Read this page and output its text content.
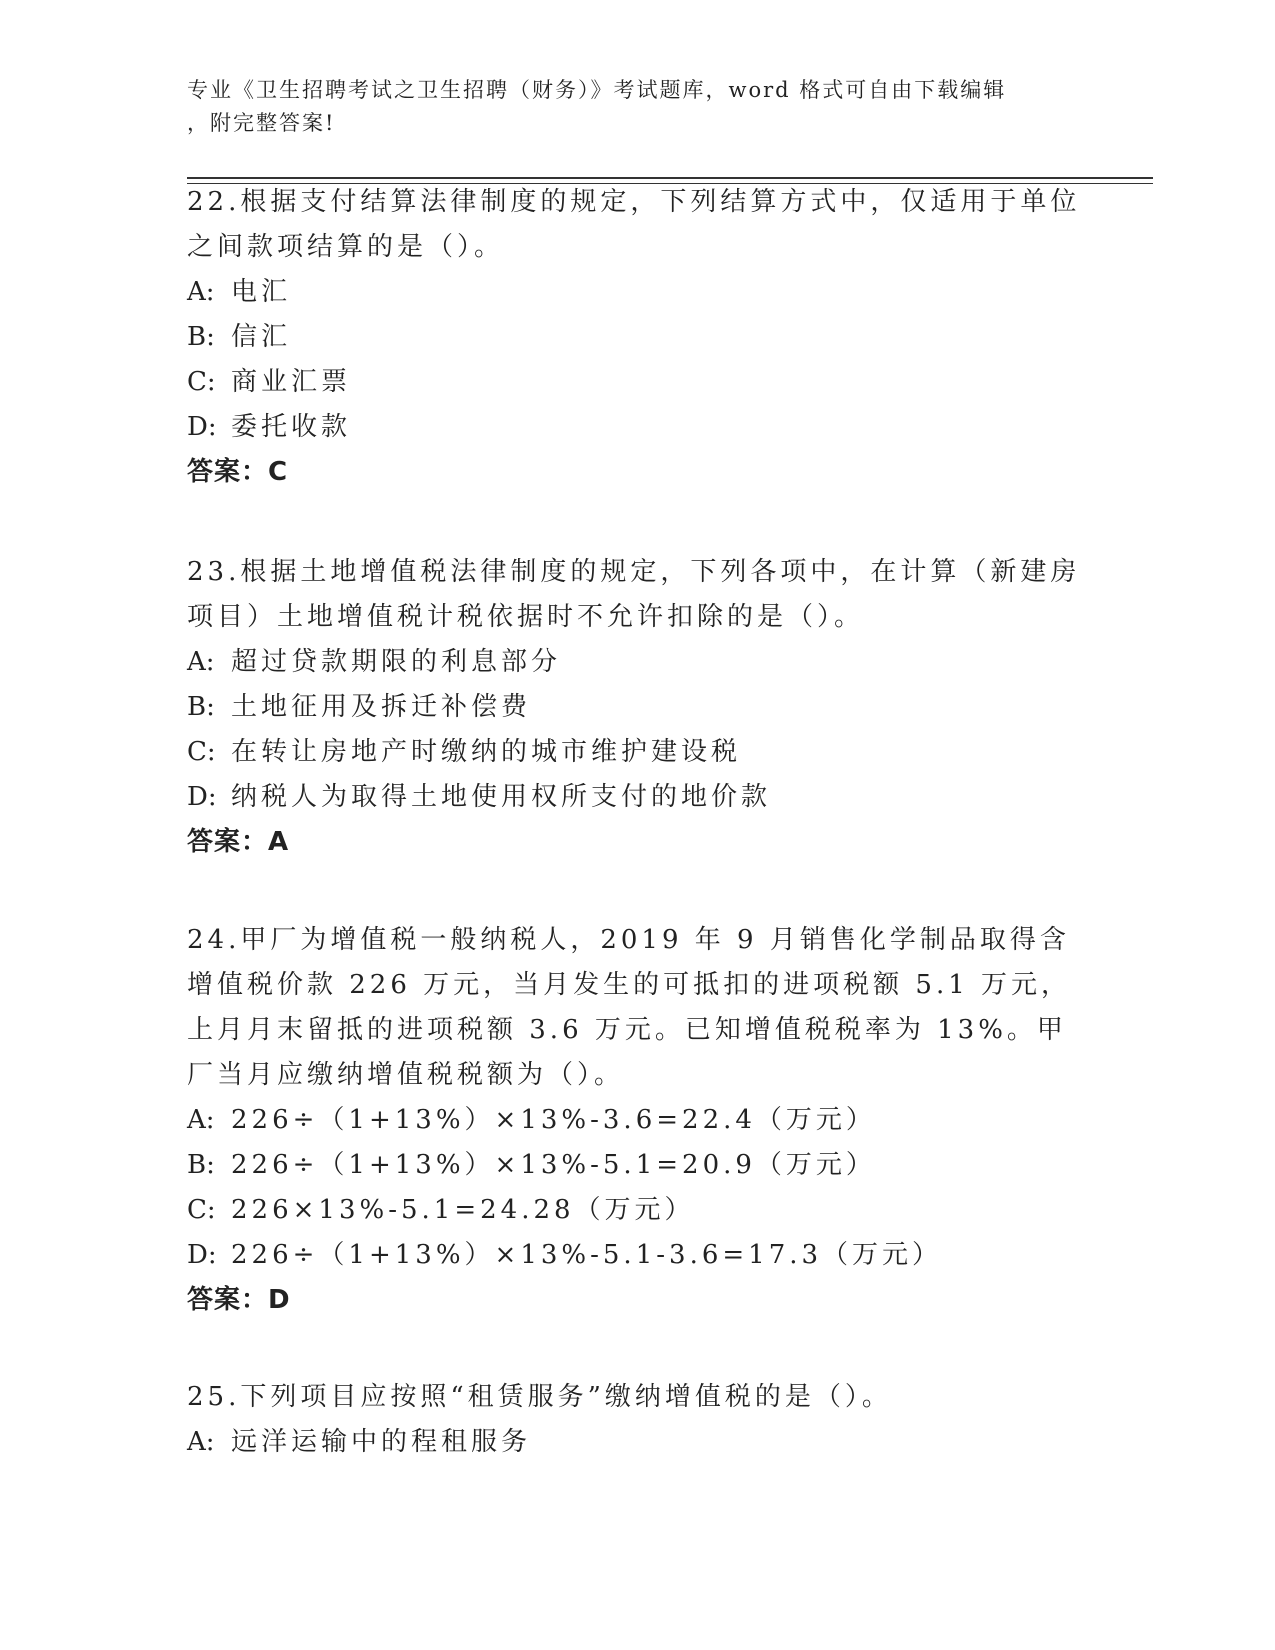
专业《卫生招聘考试之卫生招聘（财务）》考试题库，word 格式可自由下载编辑
，附完整答案!

22.根据支付结算法律制度的规定，下列结算方式中，仅适用于单位之间款项结算的是（）。

A: 电汇

B: 信汇

C: 商业汇票

D: 委托收款

答案：C

23.根据土地增值税法律制度的规定，下列各项中，在计算（新建房项目）土地增值税计税依据时不允许扣除的是（）。

A: 超过贷款期限的利息部分

B: 土地征用及拆迁补偿费

C: 在转让房地产时缴纳的城市维护建设税

D: 纳税人为取得土地使用权所支付的地价款

答案：A

24.甲厂为增值税一般纳税人，2019 年 9 月销售化学制品取得含增值税价款 226 万元，当月发生的可抵扣的进项税额 5.1 万元，上月月末留抵的进项税额 3.6 万元。已知增值税税率为 13%。甲厂当月应缴纳增值税税额为（）。

A: 226÷（1+13%）×13%-3.6=22.4（万元）

B: 226÷（1+13%）×13%-5.1=20.9（万元）

C: 226×13%-5.1=24.28（万元）

D: 226÷（1+13%）×13%-5.1-3.6=17.3（万元）

答案：D

25.下列项目应按照“租赁服务”缴纳增值税的是（）。

A: 远洋运输中的程租服务
